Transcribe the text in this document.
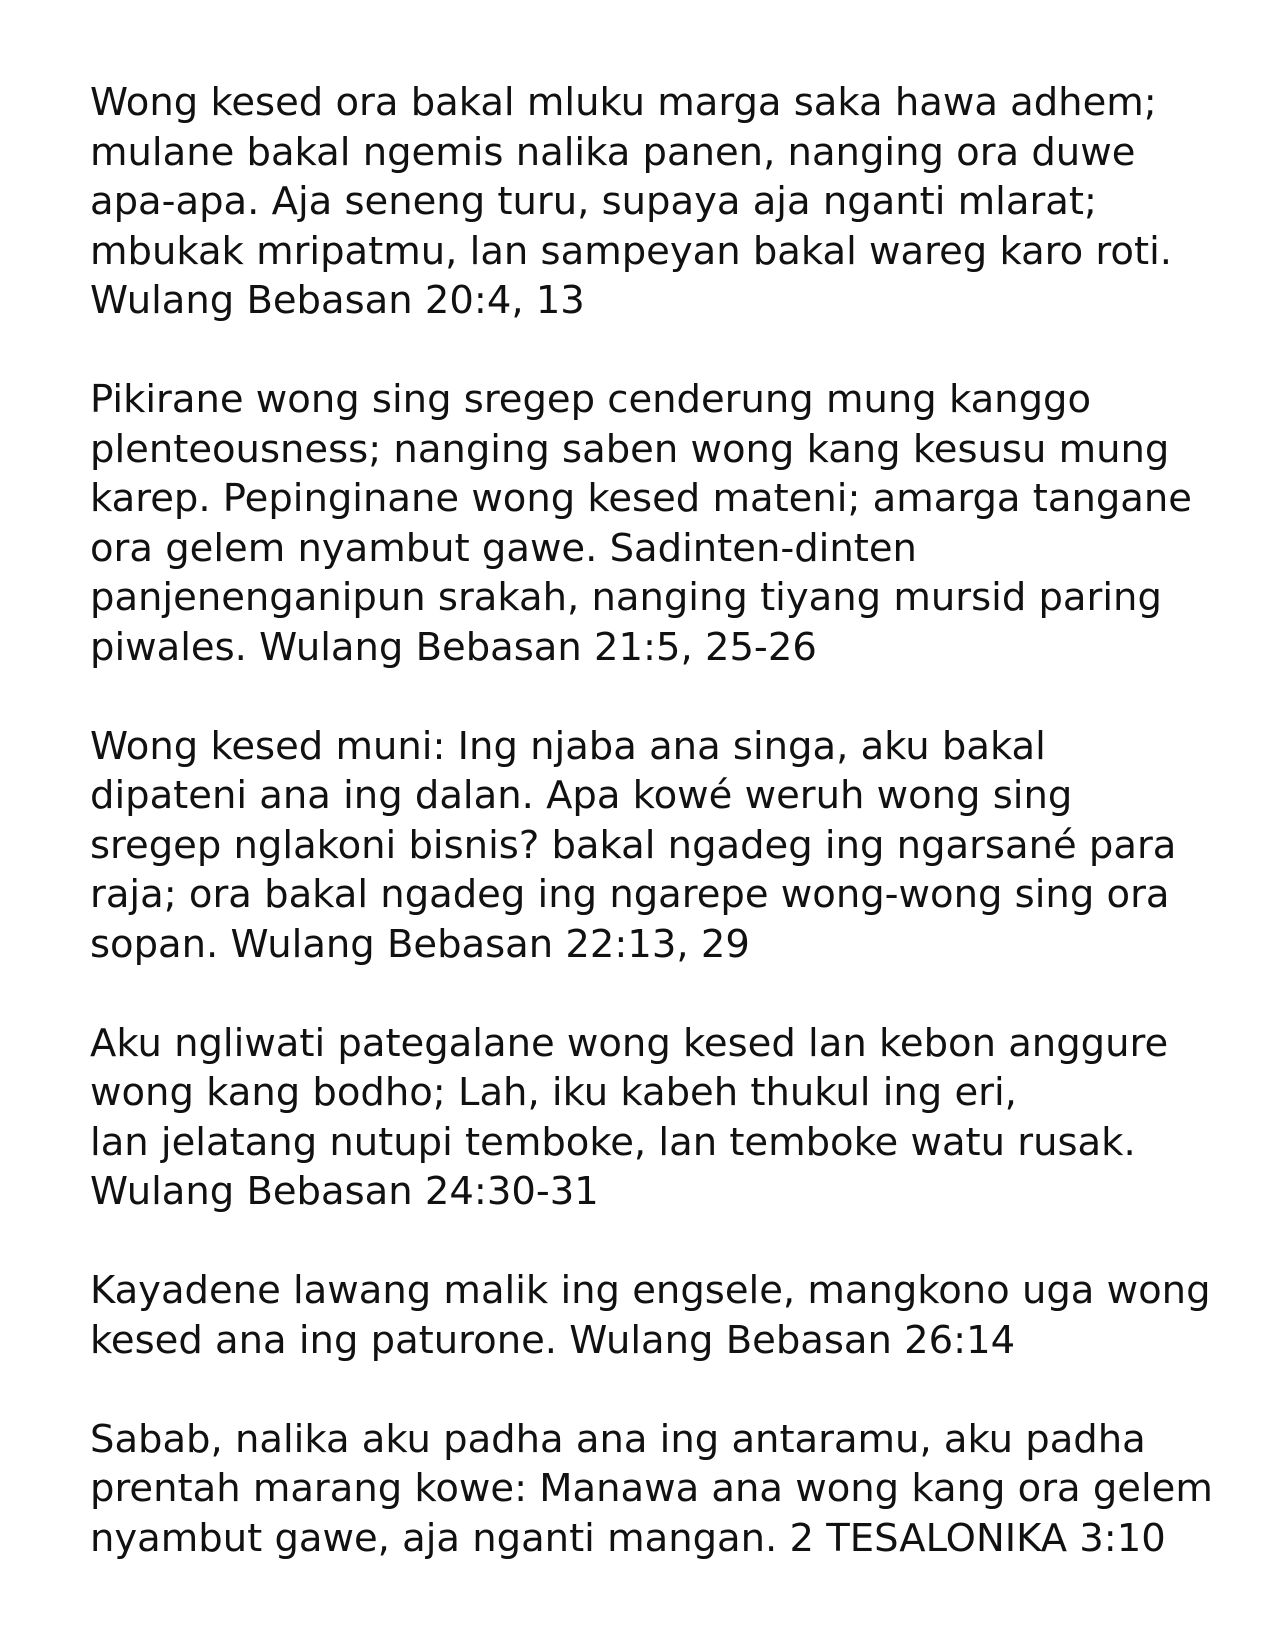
Wong kesed ora bakal mluku marga saka hawa adhem;
mulane bakal ngemis nalika panen, nanging ora duwe
apa-apa. Aja seneng turu, supaya aja nganti mlarat;
mbukak mripatmu, lan sampeyan bakal wareg karo roti.
Wulang Bebasan 20:4, 13

Pikirane wong sing sregep cenderung mung kanggo
plenteousness; nanging saben wong kang kesusu mung
karep. Pepinginane wong kesed mateni; amarga tangane
ora gelem nyambut gawe. Sadinten-dinten
panjenenganipun srakah, nanging tiyang mursid paring
piwales. Wulang Bebasan 21:5, 25-26

Wong kesed muni: Ing njaba ana singa, aku bakal
dipateni ana ing dalan. Apa kowé weruh wong sing
sregep nglakoni bisnis? bakal ngadeg ing ngarsané para
raja; ora bakal ngadeg ing ngarepe wong-wong sing ora
sopan. Wulang Bebasan 22:13, 29

Aku ngliwati pategalane wong kesed lan kebon anggure
wong kang bodho; Lah, iku kabeh thukul ing eri,
lan jelatang nutupi temboke, lan temboke watu rusak.
Wulang Bebasan 24:30-31

Kayadene lawang malik ing engsele, mangkono uga wong
kesed ana ing paturone. Wulang Bebasan 26:14

Sabab, nalika aku padha ana ing antaramu, aku padha
prentah marang kowe: Manawa ana wong kang ora gelem
nyambut gawe, aja nganti mangan. 2 TESALONIKA 3:10
